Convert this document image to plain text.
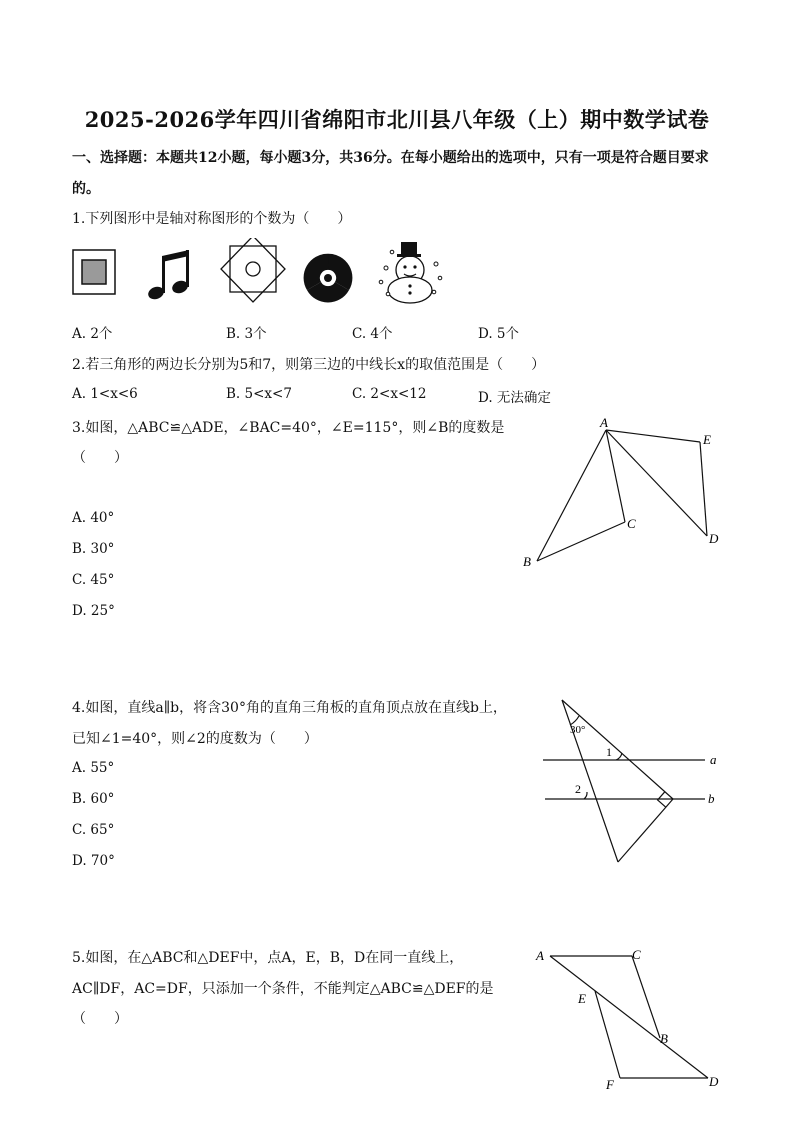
2025-2026学年四川省绵阳市北川县八年级（上）期中数学试卷
一、选择题：本题共12小题，每小题3分，共36分。在每小题给出的选项中，只有一项是符合题目要求
的。
1.下列图形中是轴对称图形的个数为（　　）
A. 2个	B. 3个	C. 4个	D. 5个
2.若三角形的两边长分别为5和7，则第三边的中线长x的取值范围是（　　）
A. 1<x<6	B. 5<x<7	C. 2<x<12	D. 无法确定
3.如图，△ABC≌△ADE，∠BAC=40°，∠E=115°，则∠B的度数是
（　　）
A. 40°
B. 30°
C. 45°
D. 25°
A
B
C
D
E
4.如图，直线a∥b，将含30°角的直角三角板的直角顶点放在直线b上，
已知∠1=40°，则∠2的度数为（　　）
A. 55°
B. 60°
C. 65°
D. 70°
30°
1
2
a
b
5.如图，在△ABC和△DEF中，点A，E，B，D在同一直线上，
AC∥DF，AC=DF，只添加一个条件，不能判定△ABC≌△DEF的是
（　　）
A	C
E
B
F	D
